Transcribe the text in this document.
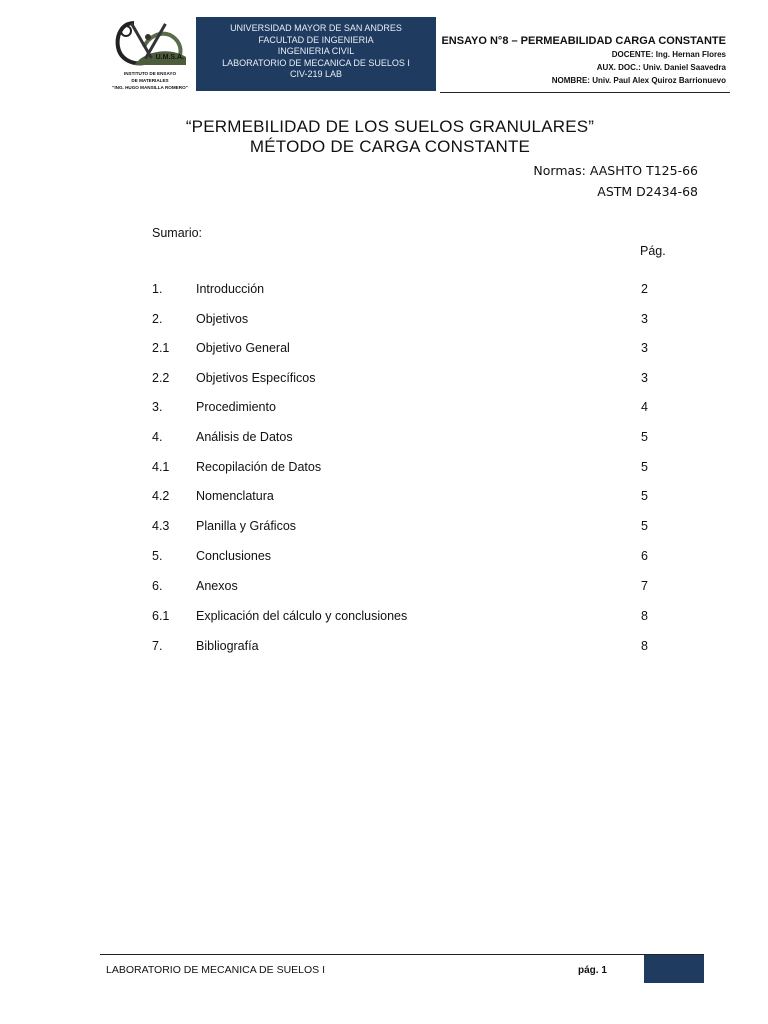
U.M.S.A.
INSTITUTO DE ENSAYO
DE MATERIALES
"ING. HUGO MANSILLA ROMERO"
UNIVERSIDAD MAYOR DE SAN ANDRES
FACULTAD DE INGENIERIA
INGENIERIA CIVIL
LABORATORIO DE MECANICA DE SUELOS I
CIV-219 LAB
ENSAYO N°8 – PERMEABILIDAD CARGA CONSTANTE
DOCENTE: Ing. Hernan Flores
AUX. DOC.: Univ. Daniel Saavedra
NOMBRE: Univ. Paul Alex Quiroz Barrionuevo
“PERMEBILIDAD DE LOS SUELOS GRANULARES”
MÉTODO DE CARGA CONSTANTE
Normas: AASHTO T125-66
ASTM D2434-68
Sumario:
Pág.
1.	Introducción	2
2.	Objetivos	3
2.1 Objetivo General	3
2.2 Objetivos Específicos	3
3.	Procedimiento	4
4.	Análisis de Datos	5
4.1 Recopilación de Datos	5
4.2 Nomenclatura	5
4.3 Planilla y Gráficos	5
5.	Conclusiones	6
6.	Anexos	7
6.1 Explicación del cálculo y conclusiones	8
7.	Bibliografía	8
LABORATORIO DE MECANICA DE SUELOS I	pág. 1
